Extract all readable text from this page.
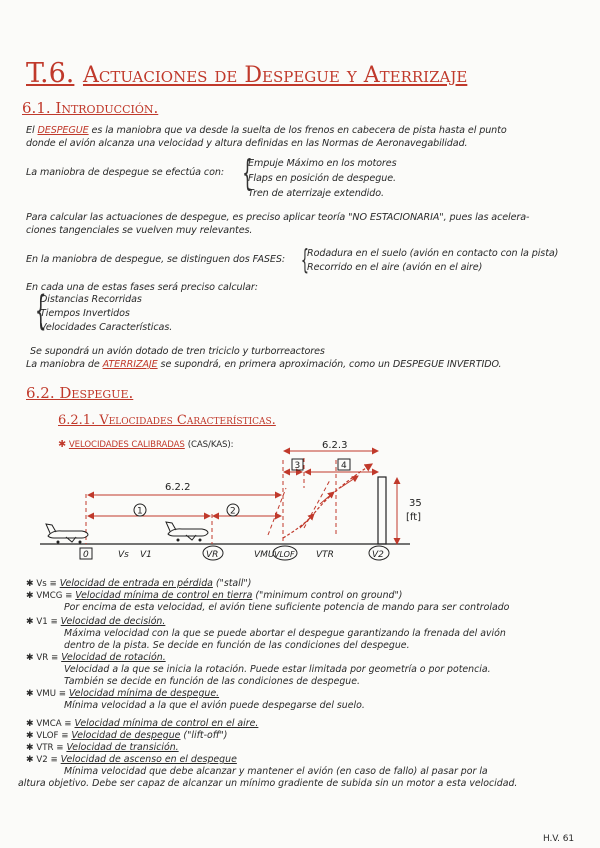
T.6. Actuaciones de Despegue y Aterrizaje
6.1. Introducción.
El DESPEGUE es la maniobra que va desde la suelta de los frenos en cabecera de pista hasta el punto
donde el avión alcanza una velocidad y altura definidas en las Normas de Aeronavegabilidad.
La maniobra de despegue se efectúa con: {
Empuje Máximo en los motores
Flaps en posición de despegue.
Tren de aterrizaje extendido.
Para calcular las actuaciones de despegue, es preciso aplicar teoría "NO ESTACIONARIA", pues las acelera-
ciones tangenciales se vuelven muy relevantes.
En la maniobra de despegue, se distinguen dos FASES: {
Rodadura en el suelo (avión en contacto con la pista)
Recorrido en el aire (avión en el aire)
En cada una de estas fases será preciso calcular:
{
Distancias Recorridas
Tiempos Invertidos
Velocidades Características.
Se supondrá un avión dotado de tren triciclo y turborreactores
La maniobra de ATERRIZAJE se supondrá, en primera aproximación, como un DESPEGUE INVERTIDO.
6.2. Despegue.
6.2.1. Velocidades Características.
✱ VELOCIDADES CALIBRADAS (CAS/KAS):
6.2.2
6.2.3
1	2
3	4
35
[ft]
0	Vs V1	VR	VMU VLOF VTR	V2
✱ Vs ≡ Velocidad de entrada en pérdida ("stall")
✱ VMCG ≡ Velocidad mínima de control en tierra ("minimum control on ground")
Por encima de esta velocidad, el avión tiene suficiente potencia de mando para ser controlado
✱ V1 ≡ Velocidad de decisión.
Máxima velocidad con la que se puede abortar el despegue garantizando la frenada del avión
dentro de la pista. Se decide en función de las condiciones del despegue.
✱ VR ≡ Velocidad de rotación.
Velocidad a la que se inicia la rotación. Puede estar limitada por geometría o por potencia.
También se decide en función de las condiciones de despegue.
✱ VMU ≡ Velocidad mínima de despegue.
Mínima velocidad a la que el avión puede despegarse del suelo.
✱ VMCA ≡ Velocidad mínima de control en el aire.
✱ VLOF ≡ Velocidad de despegue ("lift-off")
✱ VTR ≡ Velocidad de transición.
✱ V2 ≡ Velocidad de ascenso en el despegue
Mínima velocidad que debe alcanzar y mantener el avión (en caso de fallo) al pasar por la
altura objetivo. Debe ser capaz de alcanzar un mínimo gradiente de subida sin un motor a esta velocidad.
H.V. 61
